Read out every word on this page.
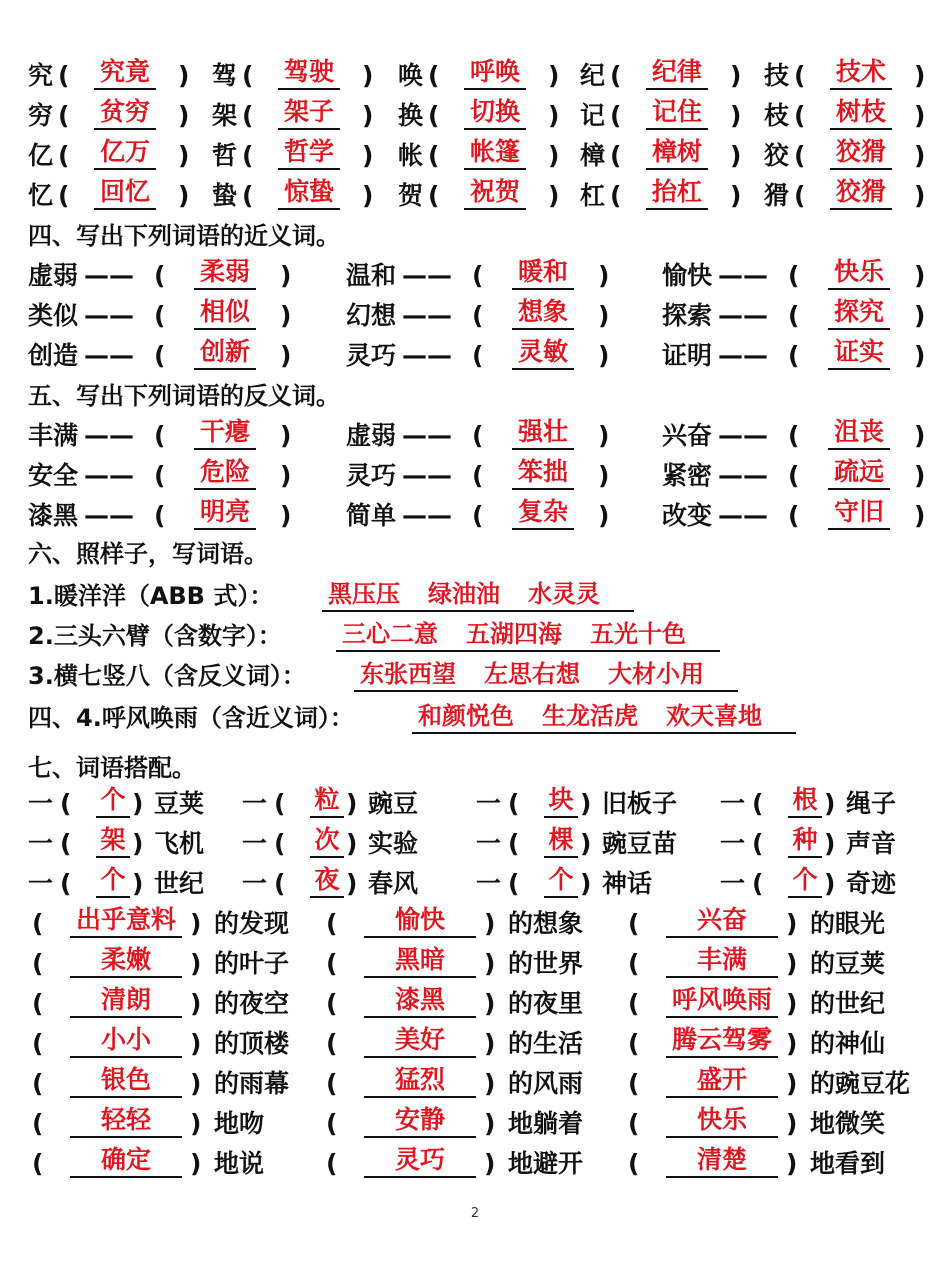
究 ( 究竟 ) 驾 ( 驾驶 ) 唤 ( 呼唤 ) 纪 ( 纪律 ) 技 ( 技术 )
穷 ( 贫穷 ) 架 ( 架子 ) 换 ( 切换 ) 记 ( 记住 ) 枝 ( 树枝 )
亿 ( 亿万 ) 哲 ( 哲学 ) 帐 ( 帐篷 ) 樟 ( 樟树 ) 狡 ( 狡猾 )
忆 ( 回忆 ) 蛰 ( 惊蛰 ) 贺 ( 祝贺 ) 杠 ( 抬杠 ) 猾 ( 狡猾 )
四、写出下列词语的近义词。
虚弱 —— ( 柔弱 ) 温和 —— ( 暖和 ) 愉快 —— ( 快乐 )
类似 —— ( 相似 ) 幻想 —— ( 想象 ) 探索 —— ( 探究 )
创造 —— ( 创新 ) 灵巧 —— ( 灵敏 ) 证明 —— ( 证实 )
五、写出下列词语的反义词。
丰满 —— ( 干瘪 ) 虚弱 —— ( 强壮 ) 兴奋 —— ( 沮丧 )
安全 —— ( 危险 ) 灵巧 —— ( 笨拙 ) 紧密 —— ( 疏远 )
漆黑 —— ( 明亮 ) 简单 —— ( 复杂 ) 改变 —— ( 守旧 )
六、照样子，写词语。
1.暖洋洋（ABB 式）： 黑压压 绿油油 水灵灵
2.三头六臂（含数字）：	三心二意 五湖四海 五光十色
3.横七竖八（含反义词）： 东张西望 左思右想 大材小用
四、4.呼风唤雨（含近义词）：	和颜悦色 生龙活虎 欢天喜地
七、词语搭配。
一 ( 个 ) 豆荚 一 ( 粒 ) 豌豆 一 ( 块 ) 旧板子 一 ( 根 ) 绳子
一 ( 架 ) 飞机 一 ( 次 ) 实验 一 ( 棵 ) 豌豆苗 一 ( 种 ) 声音
一 ( 个 ) 世纪 一 ( 夜 ) 春风 一 ( 个 ) 神话	一 ( 个 ) 奇迹
( 出乎意料 ) 的发现 (	愉快	) 的想象 (	兴奋	) 的眼光
(	柔嫩	) 的叶子 (	黑暗	) 的世界 (	丰满	) 的豆荚
(	清朗	) 的夜空 (	漆黑	) 的夜里 ( 呼风唤雨 ) 的世纪
(	小小	) 的顶楼 (	美好	) 的生活 ( 腾云驾雾 ) 的神仙
(	银色	) 的雨幕 (	猛烈	) 的风雨 (	盛开	) 的豌豆花
(	轻轻	) 地吻 (	安静	) 地躺着 (	快乐	) 地微笑
(	确定	) 地说 (	灵巧	) 地避开 (	清楚	) 地看到
2
